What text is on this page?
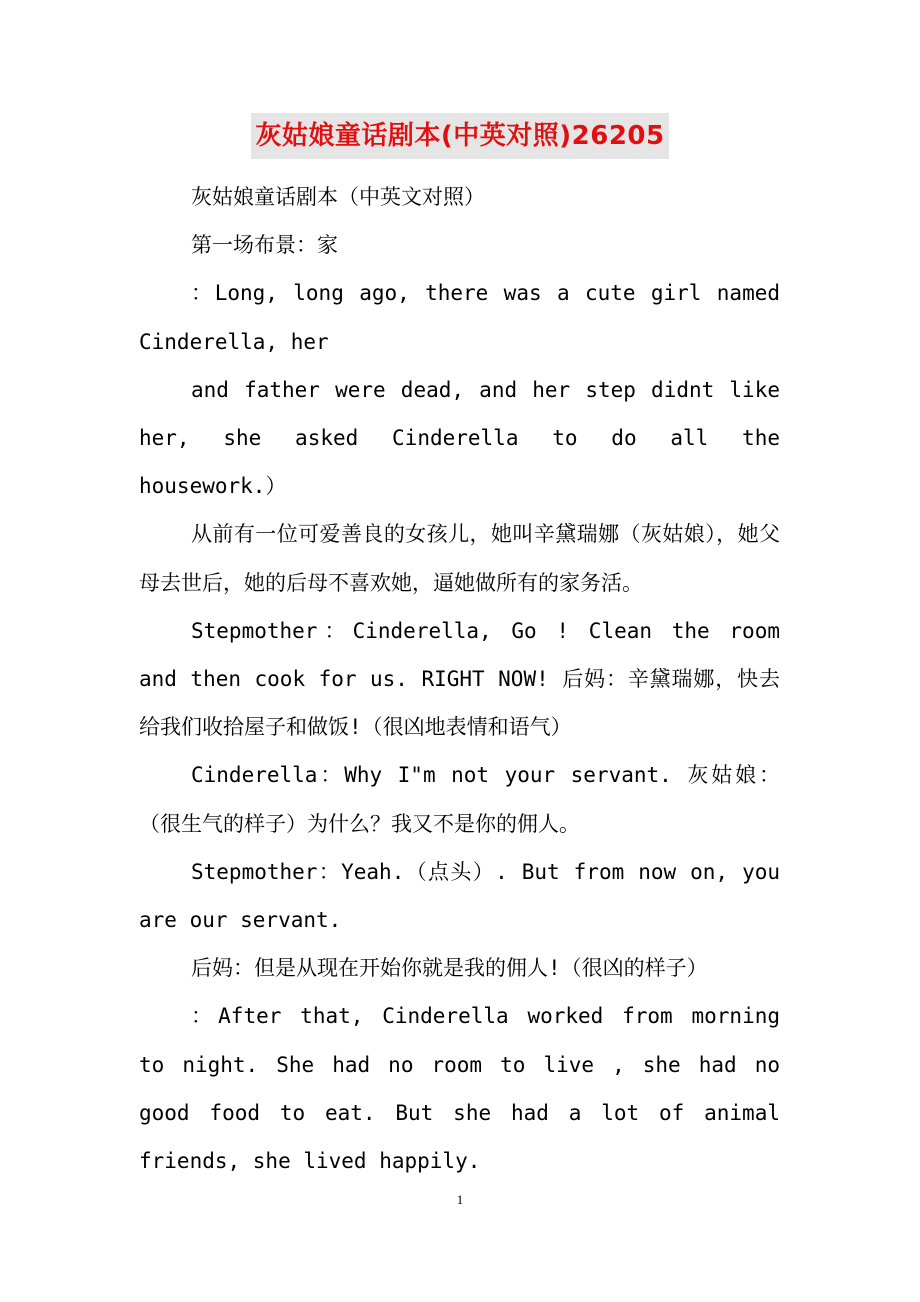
灰姑娘童话剧本(中英对照)26205

灰姑娘童话剧本（中英文对照）

第一场布景：家

：Long, long ago, there was a cute girl named Cinderella, her

and father were dead, and her step didnt like her, she asked Cinderella to do all the housework.）

从前有一位可爱善良的女孩儿，她叫辛黛瑞娜（灰姑娘），她父母去世后，她的后母不喜欢她，逼她做所有的家务活。

Stepmother：Cinderella, Go ! Clean the room and then cook for us. RIGHT NOW! 后妈：辛黛瑞娜，快去给我们收拾屋子和做饭!（很凶地表情和语气）

Cinderella：Why I"m not your servant. 灰姑娘：（很生气的样子）为什么？我又不是你的佣人。

Stepmother：Yeah.（点头）. But from now on, you are our servant.

后妈：但是从现在开始你就是我的佣人!（很凶的样子）

：After that, Cinderella worked from morning to night. She had no room to live , she had no good food to eat. But she had a lot of animal friends, she lived happily.

1
